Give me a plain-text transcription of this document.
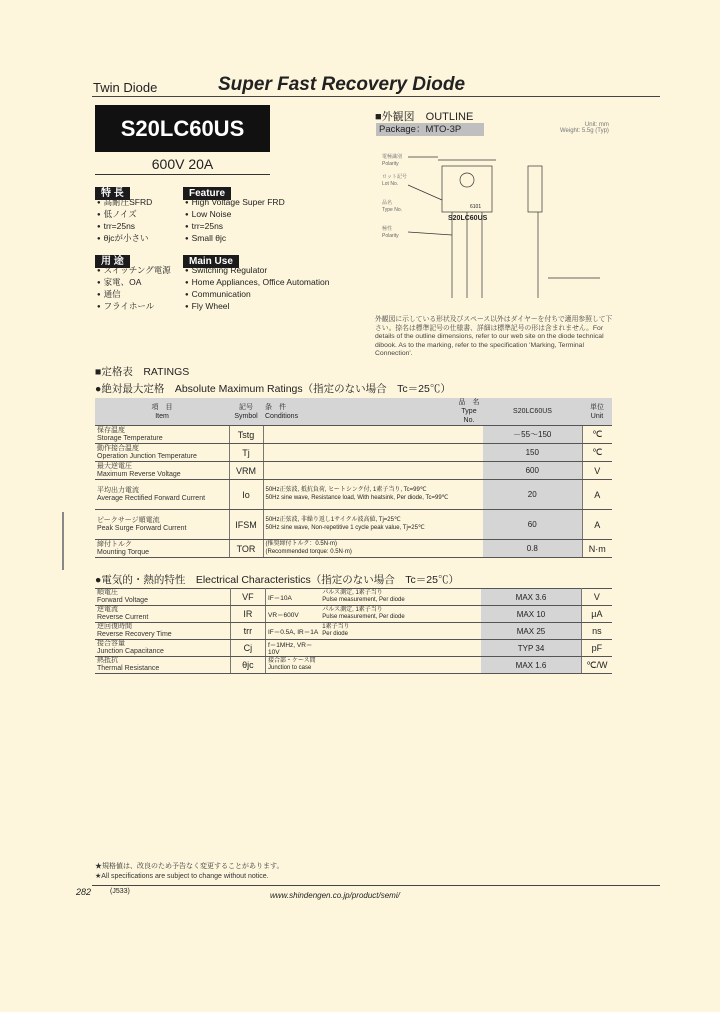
Twin Diode	Super Fast Recovery Diode
S20LC60US
600V 20A
特 長	Feature
● 高耐圧SFRD
● 低ノイズ
● trr=25ns
● θjcが小さい
● High Voltage Super FRD
● Low Noise
● trr=25ns
● Small θjc
用 途	Main Use
● スイッチング電源
● 家電、OA
● 通信
● フライホール
● Switching Regulator
● Home Appliances, Office Automation
● Communication
● Fly Wheel
■外観図　OUTLINE
Package：MTO-3P	Unit: mm
Weight: 5.5g (Typ)
電極識別
Polarity
ロット記号
Lot No.
品名
Type No.
S20LC60US
極性
Polarity
6101
外観図に示している形状及びスペース以外はダイヤーを付ちで適用参照して下さい。捺名は標準記号の仕様書、詳細は標準記号の形は含まれません。For details of the outline dimensions, refer to our web site on the diode technical dibook. As to the marking, refer to the specification 'Marking, Terminal Connection'.
■定格表　RATINGS
●絶対最大定格　Absolute Maximum Ratings（指定のない場合　Tc＝25℃）
項　目
Item	記号
Symbol	条　件
Conditions	品　名
Type No.	S20LC60US	単位
Unit
保存温度
Storage Temperature	Tstg			－55～150	℃
動作接合温度
Operation Junction Temperature	Tj			150	℃
最大逆電圧
Maximum Reverse Voltage	VRM			600	V
平均出力電流
Average Rectified Forward Current	Io	50Hz正弦波, 抵抗負荷, ヒートシンク付, 1素子当り, Tc=99℃
50Hz sine wave, Resistance load, With heatsink, Per diode, Tc=99℃		20	A
ピークサージ順電流
Peak Surge Forward Current	IFSM	50Hz正弦波, 非繰り返し1サイクル波高値, Tj=25℃
50Hz sine wave, Non-repetitive 1 cycle peak value, Tj=25℃		60	A
締付トルク
Mounting Torque	TOR	(推奨締付トルク：0.5N·m)
(Recommended torque: 0.5N·m)		0.8	N·m
●電気的・熱的特性　Electrical Characteristics（指定のない場合　Tc＝25℃）
順電圧
Forward Voltage	VF	IF＝10A	パルス測定, 1素子当り
Pulse measurement, Per diode	MAX 3.6	V
逆電流
Reverse Current	IR	VR＝600V	パルス測定, 1素子当り
Pulse measurement, Per diode	MAX 10	μA
逆回復時間
Reverse Recovery Time	trr	IF＝0.5A, IR＝1A	1素子当り
Per diode	MAX 25	ns
接合容量
Junction Capacitance	Cj	f＝1MHz, VR＝10V		TYP 34	pF
熱抵抗
Thermal Resistance	θjc	接合部・ケース間
Junction to case		MAX 1.6	℃/W
★規格値は、改良のため予告なく変更することがあります。
★All specifications are subject to change without notice.
282	(J533)	www.shindengen.co.jp/product/semi/
